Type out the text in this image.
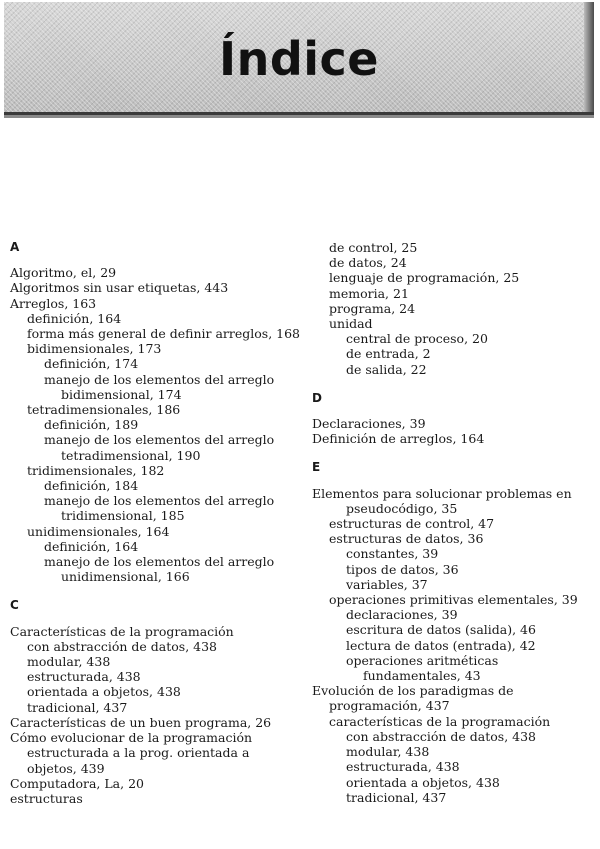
Índice
A
Algoritmo, el, 29
Algoritmos sin usar etiquetas, 443
Arreglos, 163
definición, 164
forma más general de definir arreglos, 168
bidimensionales, 173
definición, 174
manejo de los elementos del arreglo
bidimensional, 174
tetradimensionales, 186
definición, 189
manejo de los elementos del arreglo
tetradimensional, 190
tridimensionales, 182
definición, 184
manejo de los elementos del arreglo
tridimensional, 185
unidimensionales, 164
definición, 164
manejo de los elementos del arreglo
unidimensional, 166
C
Características de la programación
con abstracción de datos, 438
modular, 438
estructurada, 438
orientada a objetos, 438
tradicional, 437
Características de un buen programa, 26
Cómo evolucionar de la programación
estructurada a la prog. orientada a
objetos, 439
Computadora, La, 20
estructuras
de control, 25
de datos, 24
lenguaje de programación, 25
memoria, 21
programa, 24
unidad
central de proceso, 20
de entrada, 2
de salida, 22
D
Declaraciones, 39
Definición de arreglos, 164
E
Elementos para solucionar problemas en
pseudocódigo, 35
estructuras de control, 47
estructuras de datos, 36
constantes, 39
tipos de datos, 36
variables, 37
operaciones primitivas elementales, 39
declaraciones, 39
escritura de datos (salida), 46
lectura de datos (entrada), 42
operaciones aritméticas
fundamentales, 43
Evolución de los paradigmas de
programación, 437
características de la programación
con abstracción de datos, 438
modular, 438
estructurada, 438
orientada a objetos, 438
tradicional, 437
